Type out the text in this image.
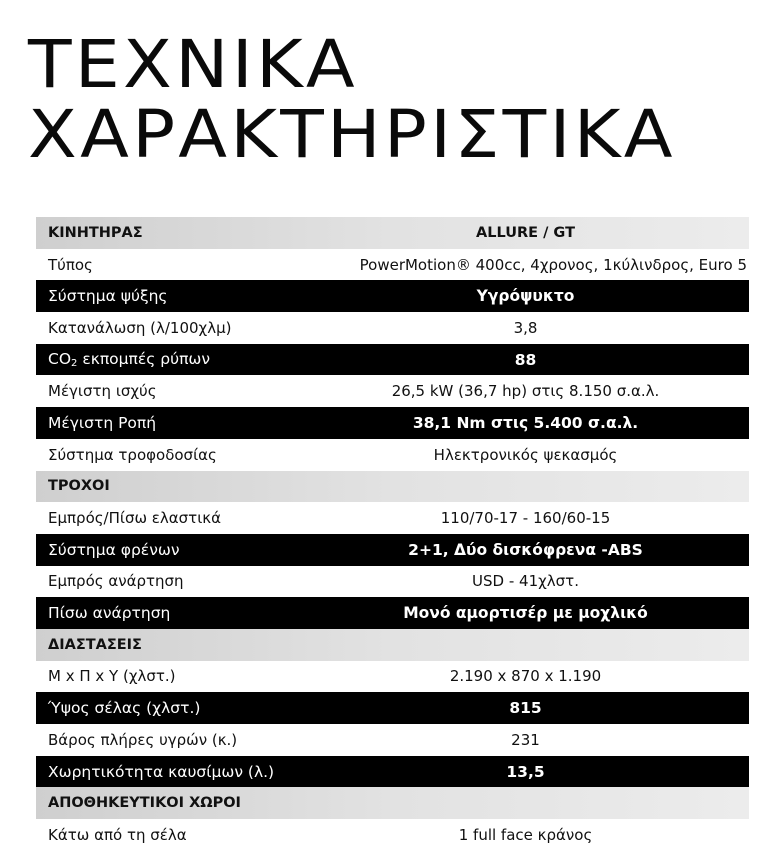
ΤΕΧΝΙΚΑ
ΧΑΡΑΚΤΗΡΙΣΤΙΚΑ
ΚΙΝΗΤΗΡΑΣ	ALLURE / GT
Τύπος	PowerMotion® 400cc, 4χρονος, 1κύλινδρος, Euro 5
Σύστημα ψύξης	Υγρόψυκτο
Κατανάλωση (λ/100χλμ)	3,8
$CO_2$ εκπομπές ρύπων	88
Μέγιστη ισχύς	26,5 kW (36,7 hp) στις 8.150 σ.α.λ.
Μέγιστη Ροπή	38,1 Nm στις 5.400 σ.α.λ.
Σύστημα τροφοδοσίας	Ηλεκτρονικός ψεκασμός
ΤΡΟΧΟΙ
Εμπρός/Πίσω ελαστικά	110/70-17 - 160/60-15
Σύστημα φρένων	2+1, Δύο δισκόφρενα -ABS
Εμπρός ανάρτηση	USD - 41χλστ.
Πίσω ανάρτηση	Μονό αμορτισέρ με μοχλικό
ΔΙΑΣΤΑΣΕΙΣ
Μ x Π x Υ (χλστ.)	2.190 x 870 x 1.190
Ύψος σέλας (χλστ.)	815
Βάρος πλήρες υγρών (κ.)	231
Χωρητικότητα καυσίμων (λ.)	13,5
ΑΠΟΘΗΚΕΥΤΙΚΟΙ ΧΩΡΟΙ
Κάτω από τη σέλα	1 full face κράνος
